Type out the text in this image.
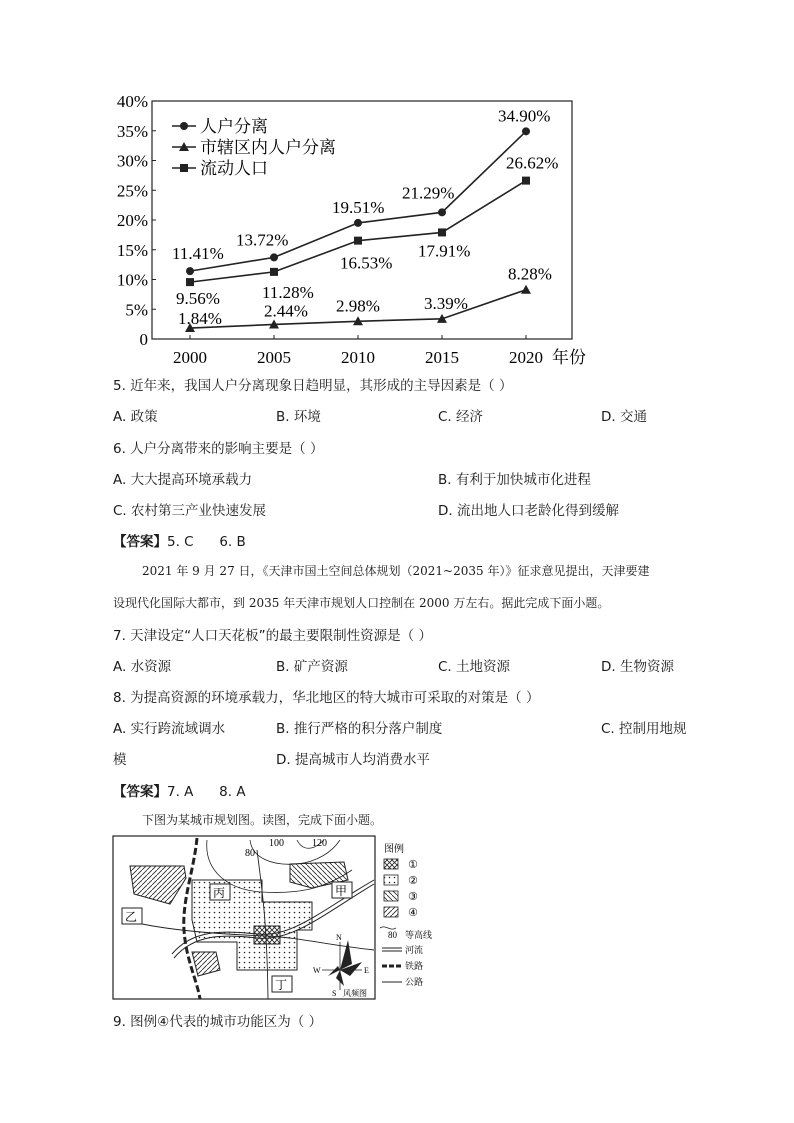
0
5%
10%
15%
20%
25%
30%
35%
40%
2000	2005	2010	2015	2020 年份
11.41%
13.72%
19.51%
21.29%
34.90%
1.84% 2.44% 2.98%	3.39%
8.28%
9.56% 11.28%
16.53%
17.91%
26.62%
人户分离
市辖区内人户分离
流动人口
5. 近年来，我国人户分离现象日趋明显，其形成的主导因素是（ ）
A. 政策	B. 环境	C. 经济	D. 交通
6. 人户分离带来的影响主要是（ ）
A. 大大提高环境承载力	B. 有利于加快城市化进程
C. 农村第三产业快速发展	D. 流出地人口老龄化得到缓解
【答案】5. C      6. B
2021 年 9 月 27 日，《天津市国土空间总体规划（2021~2035 年）》征求意见提出，天津要建
设现代化国际大都市，到 2035 年天津市规划人口控制在 2000 万左右。据此完成下面小题。
7. 天津设定“人口天花板”的最主要限制性资源是（ ）
A. 水资源	B. 矿产资源	C. 土地资源	D. 生物资源
8. 为提高资源的环境承载力，华北地区的特大城市可采取的对策是（ ）
A. 实行跨流域调水	B. 推行严格的积分落户制度	C. 控制用地规
模	D. 提高城市人均消费水平
【答案】7. A      8. A
下图为某城市规划图。读图，完成下面小题。
80
100	120
丙	甲
乙
丁
N
W	E
S 风频图
图例
①
②
③
④
80 等高线
河流
铁路
公路
9. 图例④代表的城市功能区为（ ）
